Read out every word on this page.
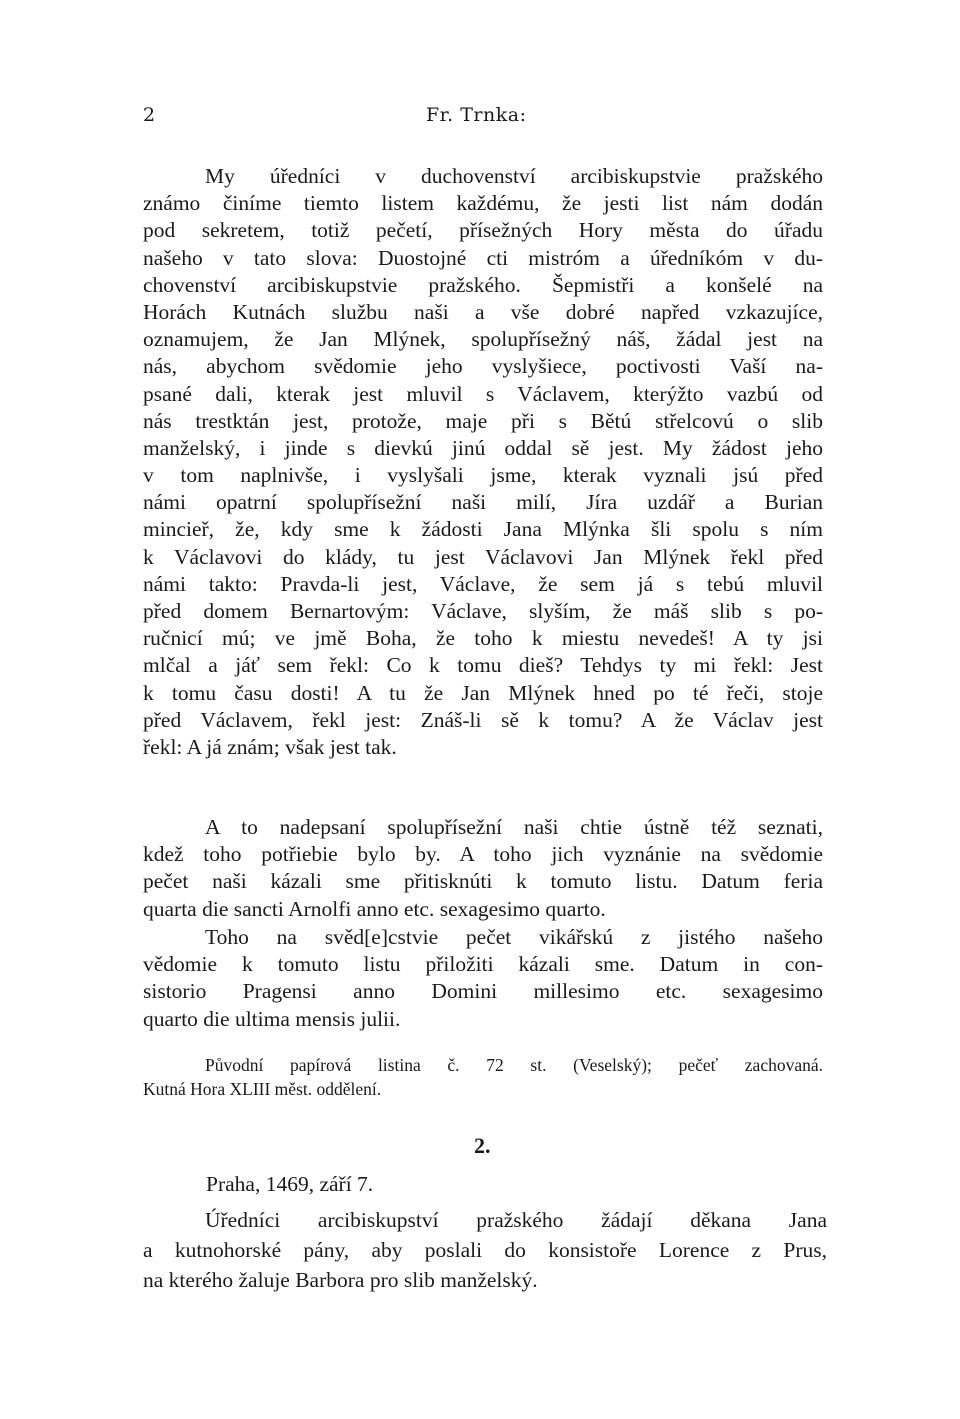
2	Fr. Trnka:
My úředníci v duchovenství arcibiskupstvie pražského
známo činíme tiemto listem každému, že jesti list nám dodán
pod sekretem, totiž pečetí, přísežných Hory města do úřadu
našeho v tato slova: Duostojné cti mistróm a úředníkóm v du-
chovenství arcibiskupstvie pražského. Šepmistři a konšelé na
Horách Kutnách službu naši a vše dobré napřed vzkazujíce,
oznamujem, že Jan Mlýnek, spolupřísežný náš, žádal jest na
nás, abychom svědomie jeho vyslyšiece, poctivosti Vaší na-
psané dali, kterak jest mluvil s Václavem, kterýžto vazbú od
nás trestktán jest, protože, maje při s Bětú střelcovú o slib
manželský, i jinde s dievkú jinú oddal sě jest. My žádost jeho
v tom naplnivše, i vyslyšali jsme, kterak vyznali jsú před
námi opatrní spolupřísežní naši milí, Jíra uzdář a Burian
mincieř, že, kdy sme k žádosti Jana Mlýnka šli spolu s ním
k Václavovi do klády, tu jest Václavovi Jan Mlýnek řekl před
námi takto: Pravda-li jest, Václave, že sem já s tebú mluvil
před domem Bernartovým: Václave, slyším, že máš slib s po-
ručnicí mú; ve jmě Boha, že toho k miestu nevedeš! A ty jsi
mlčal a jáť sem řekl: Co k tomu dieš? Tehdys ty mi řekl: Jest
k tomu času dosti! A tu že Jan Mlýnek hned po té řeči, stoje
před Václavem, řekl jest: Znáš-li sě k tomu? A že Václav jest
řekl: A já znám; však jest tak.
A to nadepsaní spolupřísežní naši chtie ústně též seznati,
kdež toho potřiebie bylo by. A toho jich vyznánie na svědomie
pečet naši kázali sme přitisknúti k tomuto listu. Datum feria
quarta die sancti Arnolfi anno etc. sexagesimo quarto.
Toho na svěd[e]cstvie pečet vikářskú z jistého našeho
vědomie k tomuto listu přiložiti kázali sme. Datum in con-
sistorio Pragensi anno Domini millesimo etc. sexagesimo
quarto die ultima mensis julii.
Původní papírová listina č. 72 st. (Veselský); pečeť zachovaná.
Kutná Hora XLIII měst. oddělení.
2.
Praha, 1469, září 7.
Úředníci arcibiskupství pražského žádají děkana Jana
a kutnohorské pány, aby poslali do konsistoře Lorence z Prus,
na kterého žaluje Barbora pro slib manželský.
